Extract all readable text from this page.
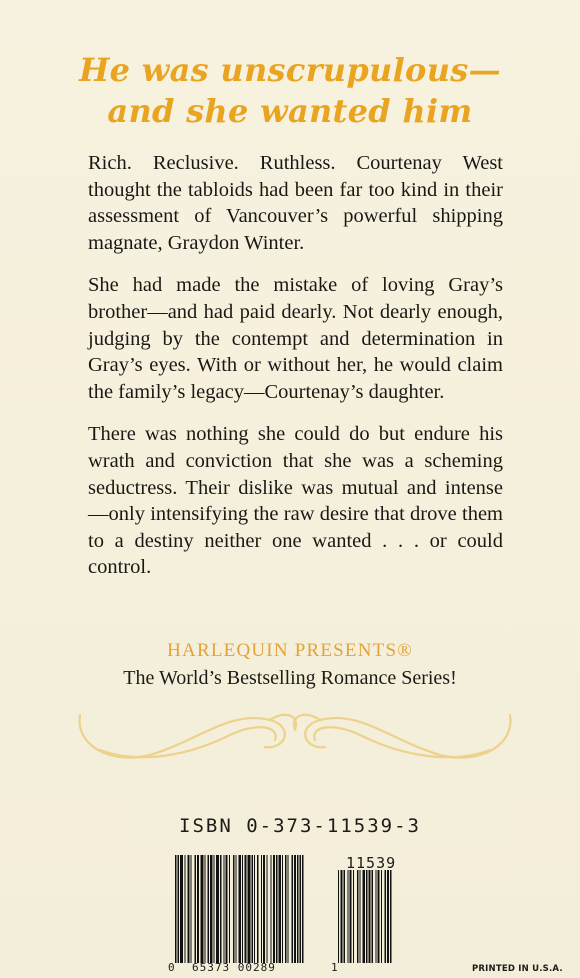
He was unscrupulous—
and she wanted him

Rich. Reclusive. Ruthless. Courtenay West thought the tabloids had been far too kind in their assessment of Vancouver’s powerful shipping magnate, Graydon Winter.

She had made the mistake of loving Gray’s brother—and had paid dearly. Not dearly enough, judging by the contempt and determination in Gray’s eyes. With or without her, he would claim the family’s legacy—Courtenay’s daughter.

There was nothing she could do but endure his wrath and conviction that she was a scheming seductress. Their dislike was mutual and intense—only intensifying the raw desire that drove them to a destiny neither one wanted . . . or could control.

HARLEQUIN PRESENTS®
The World’s Bestselling Romance Series!
ISBN 0-373-11539-3
11539
0 65373 00289	1	PRINTED IN U.S.A.
